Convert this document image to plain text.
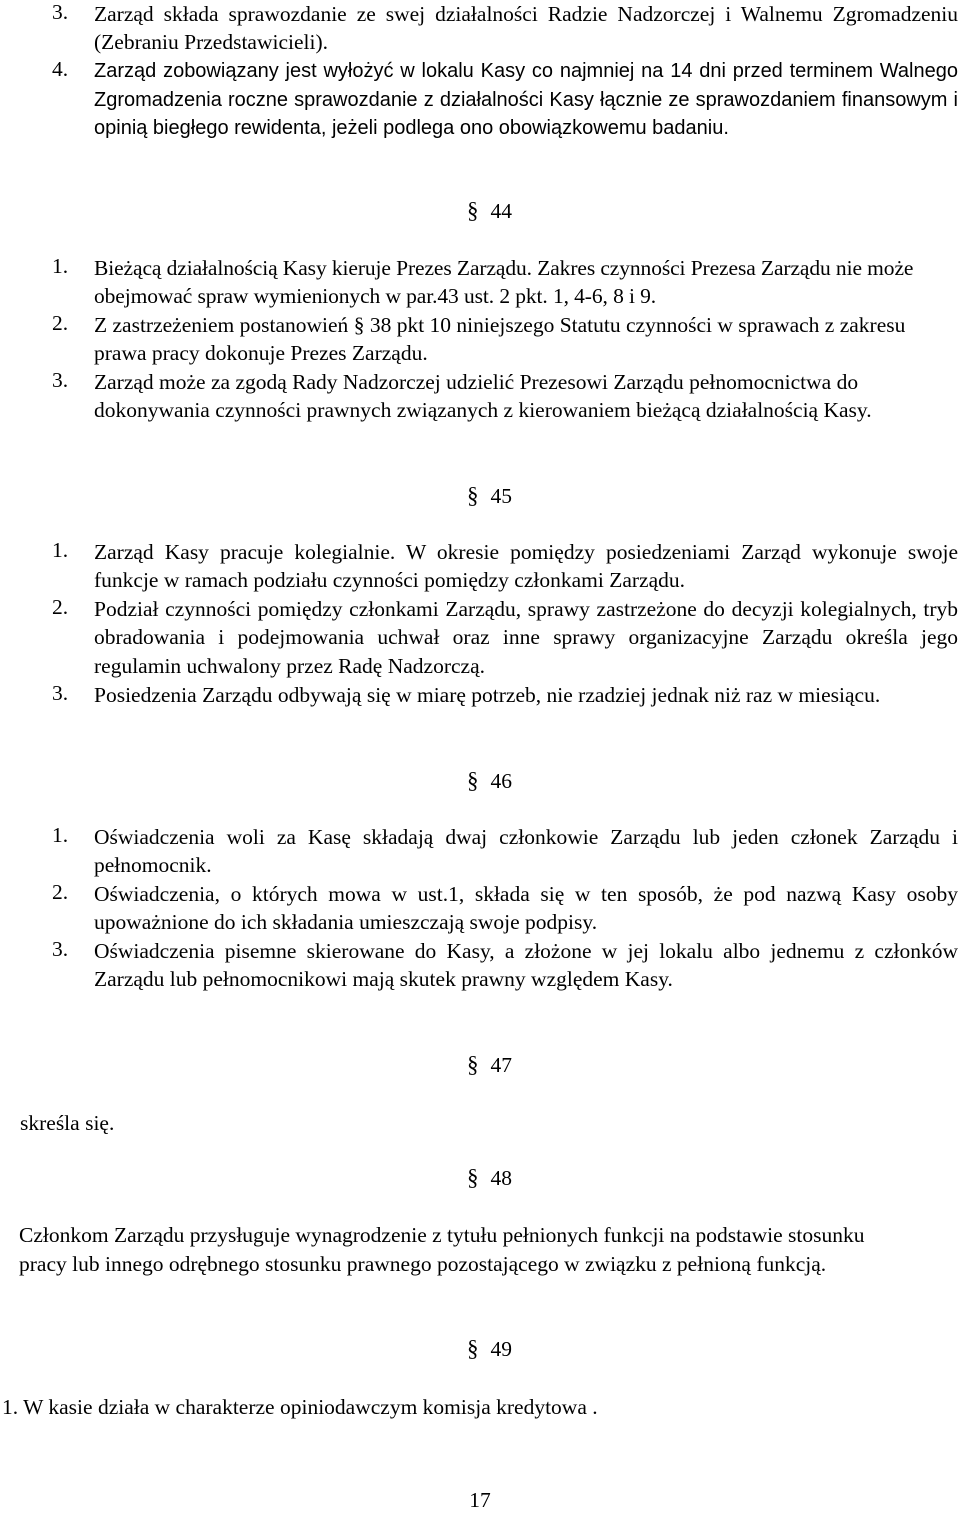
3. Zarząd składa sprawozdanie ze swej działalności Radzie Nadzorczej i Walnemu Zgromadzeniu (Zebraniu Przedstawicieli).
4. Zarząd zobowiązany jest wyłożyć w lokalu Kasy co najmniej na 14 dni przed terminem Walnego Zgromadzenia roczne sprawozdanie z działalności Kasy łącznie ze sprawozdaniem finansowym i opinią biegłego rewidenta, jeżeli podlega ono obowiązkowemu badaniu.
§ 44
1. Bieżącą działalnością Kasy kieruje Prezes Zarządu. Zakres czynności Prezesa Zarządu nie może obejmować spraw wymienionych w par.43 ust. 2 pkt. 1, 4-6, 8 i 9.
2. Z zastrzeżeniem postanowień § 38 pkt 10 niniejszego Statutu czynności w sprawach z zakresu prawa pracy dokonuje Prezes Zarządu.
3. Zarząd może za zgodą Rady Nadzorczej udzielić Prezesowi Zarządu pełnomocnictwa do dokonywania czynności prawnych związanych z kierowaniem bieżącą działalnością Kasy.
§ 45
1. Zarząd Kasy pracuje kolegialnie. W okresie pomiędzy posiedzeniami Zarząd wykonuje swoje funkcje w ramach podziału czynności pomiędzy członkami Zarządu.
2. Podział czynności pomiędzy członkami Zarządu, sprawy zastrzeżone do decyzji kolegialnych, tryb obradowania i podejmowania uchwał oraz inne sprawy organizacyjne Zarządu określa jego regulamin uchwalony przez Radę Nadzorczą.
3. Posiedzenia Zarządu odbywają się w miarę potrzeb, nie rzadziej jednak niż raz w miesiącu.
§ 46
1. Oświadczenia woli za Kasę składają dwaj członkowie Zarządu lub jeden członek Zarządu i pełnomocnik.
2. Oświadczenia, o których mowa w ust.1, składa się w ten sposób, że pod nazwą Kasy osoby upoważnione do ich składania umieszczają swoje podpisy.
3. Oświadczenia pisemne skierowane do Kasy, a złożone w jej lokalu albo jednemu z członków Zarządu lub pełnomocnikowi mają skutek prawny względem Kasy.
§ 47
skreśla się.
§ 48
Członkom Zarządu przysługuje wynagrodzenie z tytułu pełnionych funkcji na podstawie stosunku pracy lub innego odrębnego stosunku prawnego pozostającego w związku z pełnioną funkcją.
§ 49
1. W kasie działa w charakterze opiniodawczym komisja kredytowa .
17
